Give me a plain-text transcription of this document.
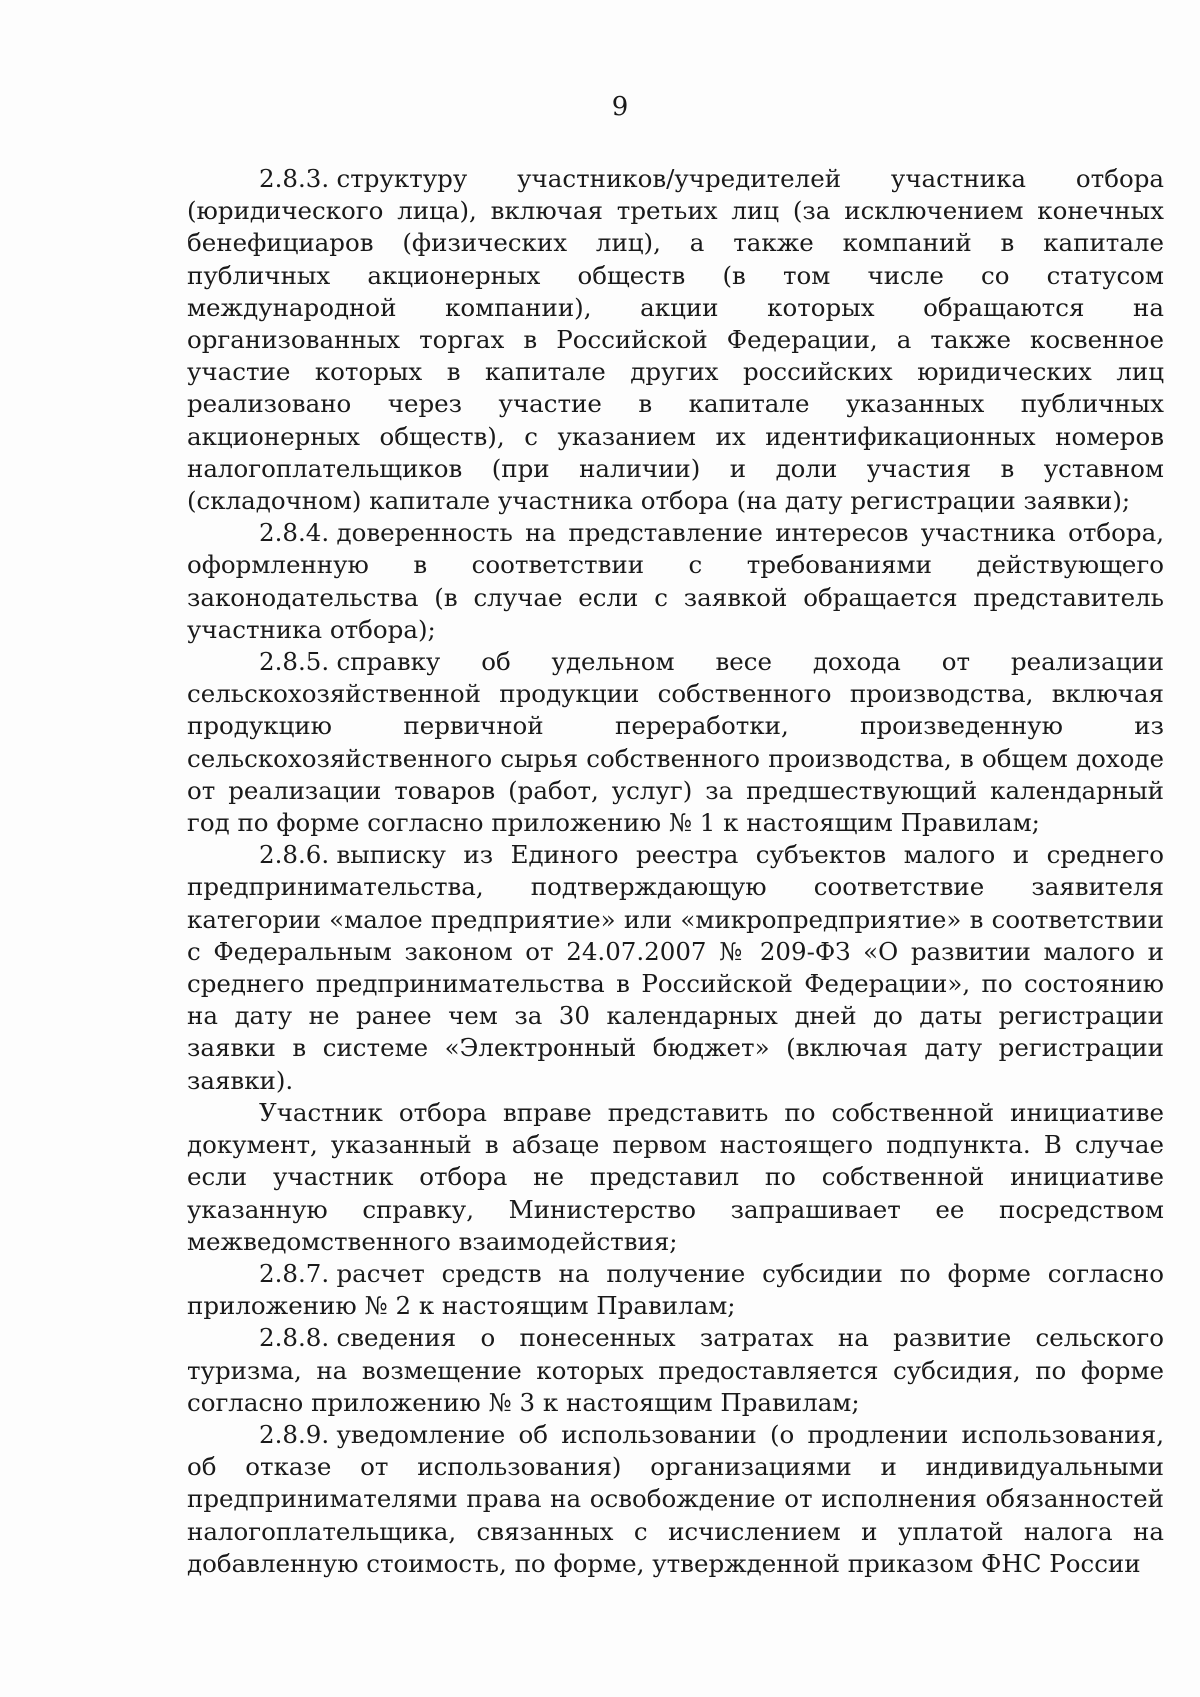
9

2.8.3. структуру участников/учредителей участника отбора (юридического лица), включая третьих лиц (за исключением конечных бенефициаров (физических лиц), а также компаний в капитале публичных акционерных обществ (в том числе со статусом международной компании), акции которых обращаются на организованных торгах в Российской Федерации, а также косвенное участие которых в капитале других российских юридических лиц реализовано через участие в капитале указанных публичных акционерных обществ), с указанием их идентификационных номеров налогоплательщиков (при наличии) и доли участия в уставном (складочном) капитале участника отбора (на дату регистрации заявки);

2.8.4. доверенность на представление интересов участника отбора, оформленную в соответствии с требованиями действующего законодательства (в случае если с заявкой обращается представитель участника отбора);

2.8.5. справку об удельном весе дохода от реализации сельскохозяйственной продукции собственного производства, включая продукцию первичной переработки, произведенную из сельскохозяйственного сырья собственного производства, в общем доходе от реализации товаров (работ, услуг) за предшествующий календарный год по форме согласно приложению № 1 к настоящим Правилам;

2.8.6. выписку из Единого реестра субъектов малого и среднего предпринимательства, подтверждающую соответствие заявителя категории «малое предприятие» или «микропредприятие» в соответствии с Федеральным законом от 24.07.2007 № 209-ФЗ «О развитии малого и среднего предпринимательства в Российской Федерации», по состоянию на дату не ранее чем за 30 календарных дней до даты регистрации заявки в системе «Электронный бюджет» (включая дату регистрации заявки).

Участник отбора вправе представить по собственной инициативе документ, указанный в абзаце первом настоящего подпункта. В случае если участник отбора не представил по собственной инициативе указанную справку, Министерство запрашивает ее посредством межведомственного взаимодействия;

2.8.7. расчет средств на получение субсидии по форме согласно приложению № 2 к настоящим Правилам;

2.8.8. сведения о понесенных затратах на развитие сельского туризма, на возмещение которых предоставляется субсидия, по форме согласно приложению № 3 к настоящим Правилам;

2.8.9. уведомление об использовании (о продлении использования, об отказе от использования) организациями и индивидуальными предпринимателями права на освобождение от исполнения обязанностей налогоплательщика, связанных с исчислением и уплатой налога на добавленную стоимость, по форме, утвержденной приказом ФНС России
